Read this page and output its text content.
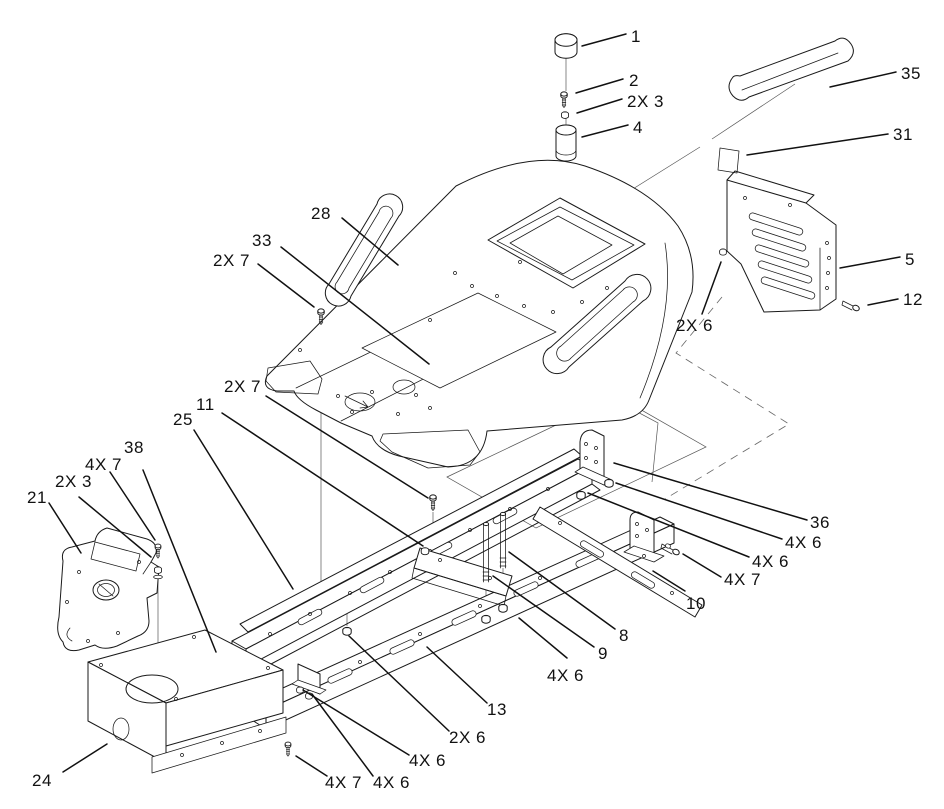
1
2
2X 3
4
35
31
5
12
2X 6
28
33
2X 7
2X 7
11
25
38
4X 7
2X 3
21
24
36
4X 6
4X 6
4X 7
10
8
9
4X 6
13
2X 6
4X 6
4X 7 4X 6
